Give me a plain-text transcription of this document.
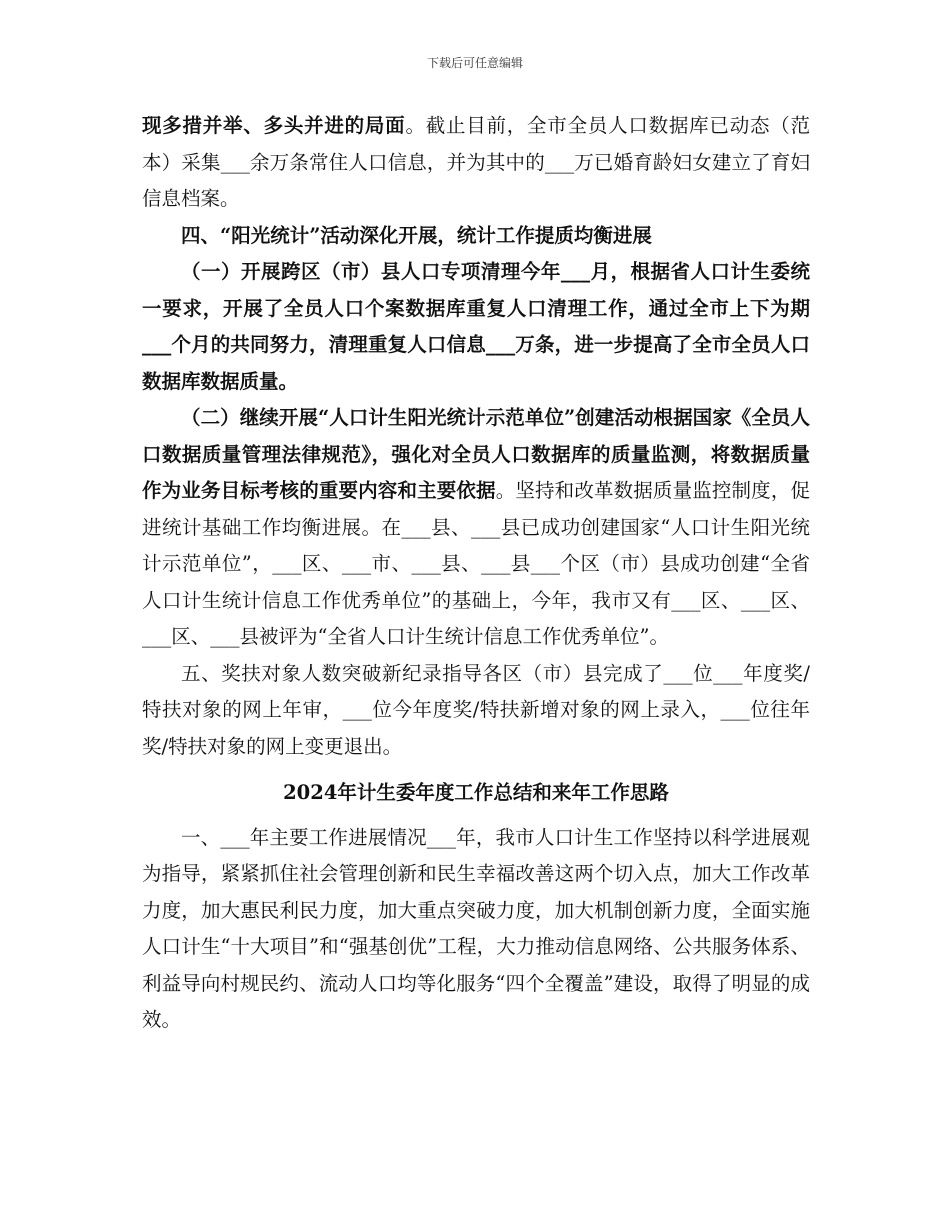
下载后可任意编辑

现多措并举、多头并进的局面。截止目前，全市全员人口数据库已动态（范本）采集___余万条常住人口信息，并为其中的___万已婚育龄妇女建立了育妇信息档案。

四、“阳光统计”活动深化开展，统计工作提质均衡进展

（一）开展跨区（市）县人口专项清理今年___月，根据省人口计生委统一要求，开展了全员人口个案数据库重复人口清理工作，通过全市上下为期___个月的共同努力，清理重复人口信息___万条，进一步提高了全市全员人口数据库数据质量。

（二）继续开展“人口计生阳光统计示范单位”创建活动根据国家《全员人口数据质量管理法律规范》，强化对全员人口数据库的质量监测，将数据质量作为业务目标考核的重要内容和主要依据。坚持和改革数据质量监控制度，促进统计基础工作均衡进展。在___县、___县已成功创建国家“人口计生阳光统计示范单位”，___区、___市、___县、___县___个区（市）县成功创建“全省人口计生统计信息工作优秀单位”的基础上，今年，我市又有___区、___区、___区、___县被评为“全省人口计生统计信息工作优秀单位”。

五、奖扶对象人数突破新纪录指导各区（市）县完成了___位___年度奖/特扶对象的网上年审，___位今年度奖/特扶新增对象的网上录入，___位往年奖/特扶对象的网上变更退出。

2024年计生委年度工作总结和来年工作思路

一、___年主要工作进展情况___年，我市人口计生工作坚持以科学进展观为指导，紧紧抓住社会管理创新和民生幸福改善这两个切入点，加大工作改革力度，加大惠民利民力度，加大重点突破力度，加大机制创新力度，全面实施人口计生“十大项目”和“强基创优”工程，大力推动信息网络、公共服务体系、利益导向村规民约、流动人口均等化服务“四个全覆盖”建设，取得了明显的成效。
